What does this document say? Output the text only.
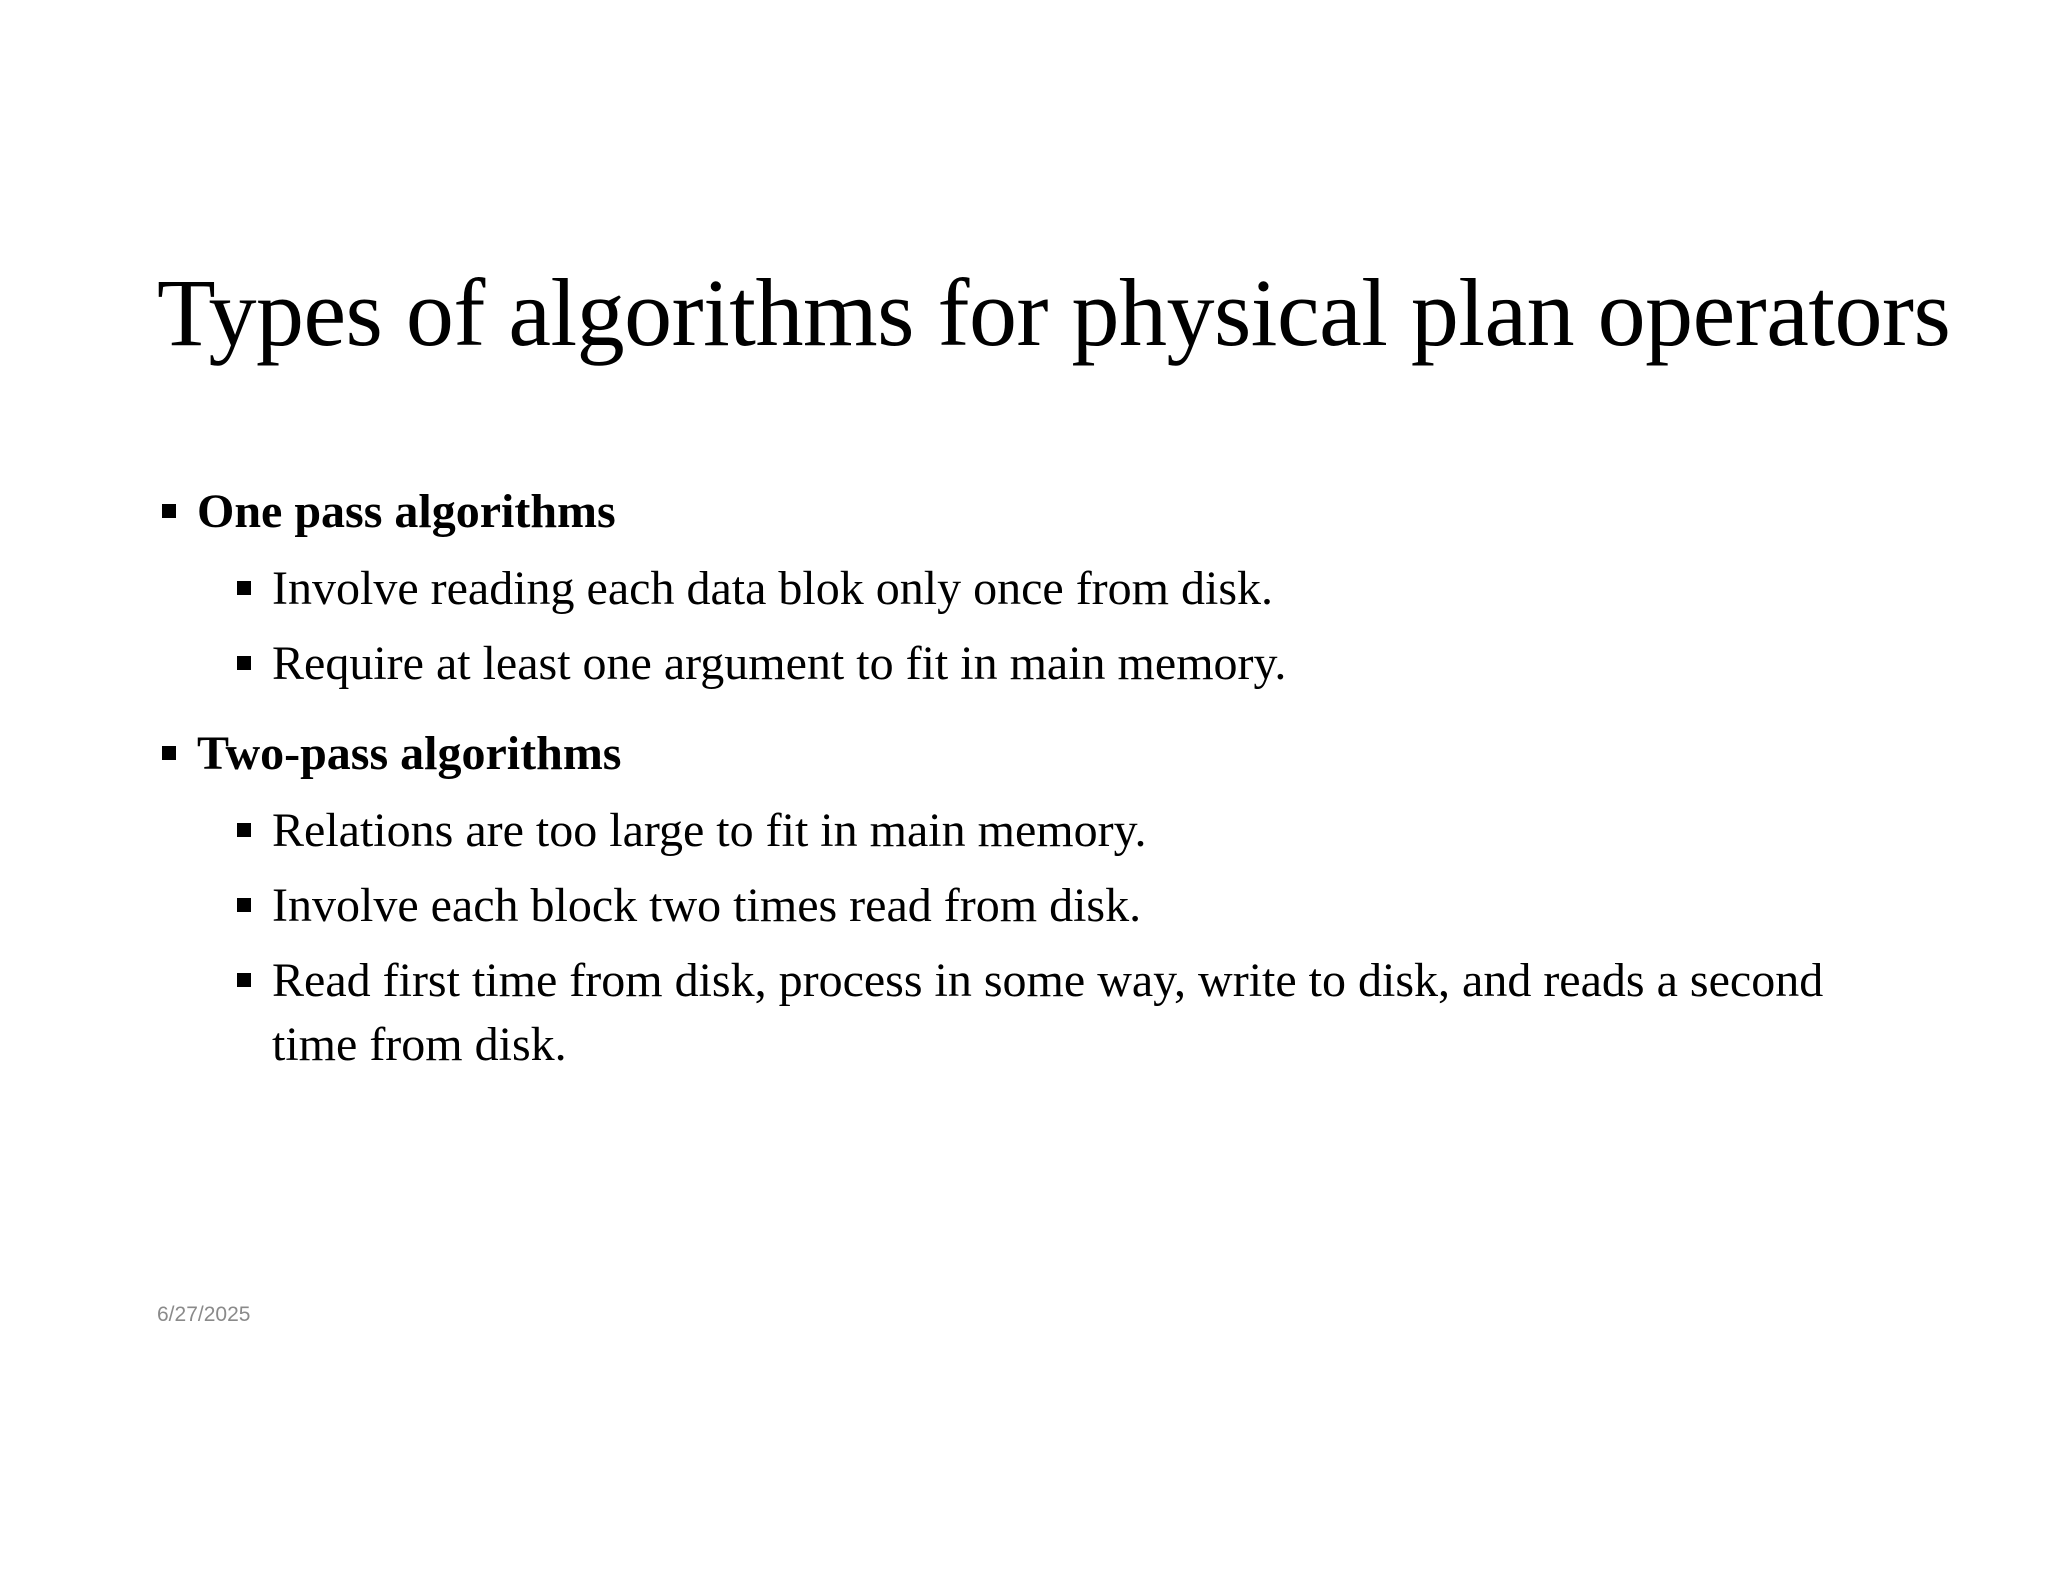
Types of algorithms for physical plan operators
One pass algorithms
Involve reading each data blok only once from disk.
Require at least one argument to fit in main memory.
Two-pass algorithms
Relations are too large to fit in main memory.
Involve each block two times read from disk.
Read first time from disk, process in some way, write to disk, and reads a second time from disk.
6/27/2025
